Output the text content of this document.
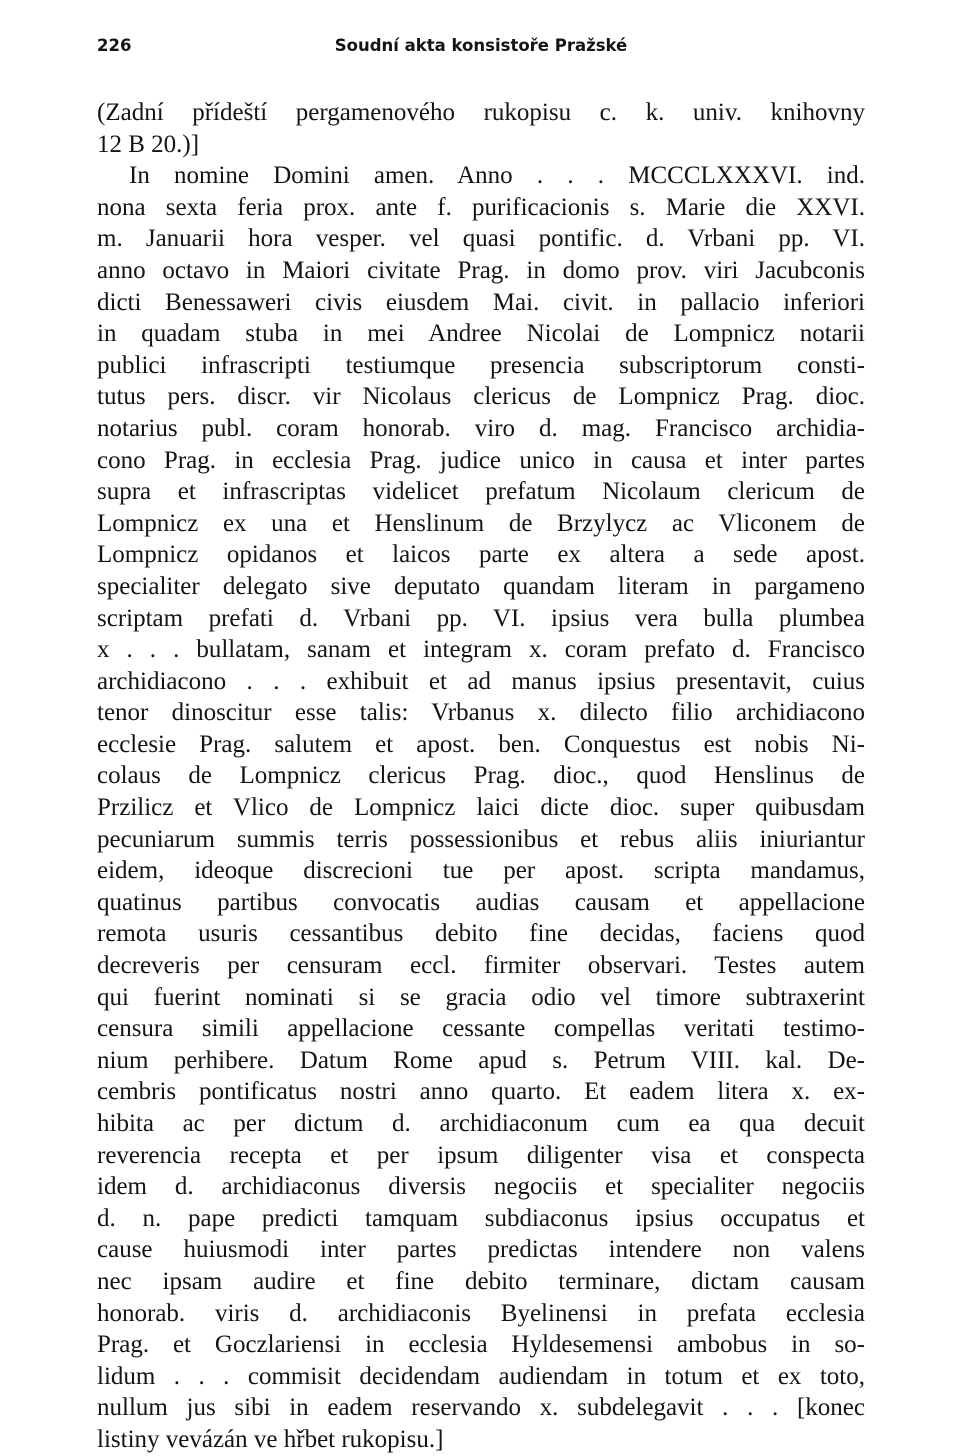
226	Soudní akta konsistoře Pražské
(Zadní přídeští pergamenového rukopisu c. k. univ. knihovny
12 B 20.)]
In nomine Domini amen. Anno . . . MCCCLXXXVI. ind.
nona sexta feria prox. ante f. purificacionis s. Marie die XXVI.
m. Januarii hora vesper. vel quasi pontific. d. Vrbani pp. VI.
anno octavo in Maiori civitate Prag. in domo prov. viri Jacubconis
dicti Benessaweri civis eiusdem Mai. civit. in pallacio inferiori
in quadam stuba in mei Andree Nicolai de Lompnicz notarii
publici infrascripti testiumque presencia subscriptorum consti-
tutus pers. discr. vir Nicolaus clericus de Lompnicz Prag. dioc.
notarius publ. coram honorab. viro d. mag. Francisco archidia-
cono Prag. in ecclesia Prag. judice unico in causa et inter partes
supra et infrascriptas videlicet prefatum Nicolaum clericum de
Lompnicz ex una et Henslinum de Brzylycz ac Vliconem de
Lompnicz opidanos et laicos parte ex altera a sede apost.
specialiter delegato sive deputato quandam literam in pargameno
scriptam prefati d. Vrbani pp. VI. ipsius vera bulla plumbea
x . . . bullatam, sanam et integram x. coram prefato d. Francisco
archidiacono . . . exhibuit et ad manus ipsius presentavit, cuius
tenor dinoscitur esse talis: Vrbanus x. dilecto filio archidiacono
ecclesie Prag. salutem et apost. ben. Conquestus est nobis Ni-
colaus de Lompnicz clericus Prag. dioc., quod Henslinus de
Przilicz et Vlico de Lompnicz laici dicte dioc. super quibusdam
pecuniarum summis terris possessionibus et rebus aliis iniuriantur
eidem, ideoque discrecioni tue per apost. scripta mandamus,
quatinus partibus convocatis audias causam et appellacione
remota usuris cessantibus debito fine decidas, faciens quod
decreveris per censuram eccl. firmiter observari. Testes autem
qui fuerint nominati si se gracia odio vel timore subtraxerint
censura simili appellacione cessante compellas veritati testimo-
nium perhibere. Datum Rome apud s. Petrum VIII. kal. De-
cembris pontificatus nostri anno quarto. Et eadem litera x. ex-
hibita ac per dictum d. archidiaconum cum ea qua decuit
reverencia recepta et per ipsum diligenter visa et conspecta
idem d. archidiaconus diversis negociis et specialiter negociis
d. n. pape predicti tamquam subdiaconus ipsius occupatus et
cause huiusmodi inter partes predictas intendere non valens
nec ipsam audire et fine debito terminare, dictam causam
honorab. viris d. archidiaconis Byelinensi in prefata ecclesia
Prag. et Goczlariensi in ecclesia Hyldesemensi ambobus in so-
lidum . . . commisit decidendam audiendam in totum et ex toto,
nullum jus sibi in eadem reservando x. subdelegavit . . . [konec
listiny vevázán ve hřbet rukopisu.]
